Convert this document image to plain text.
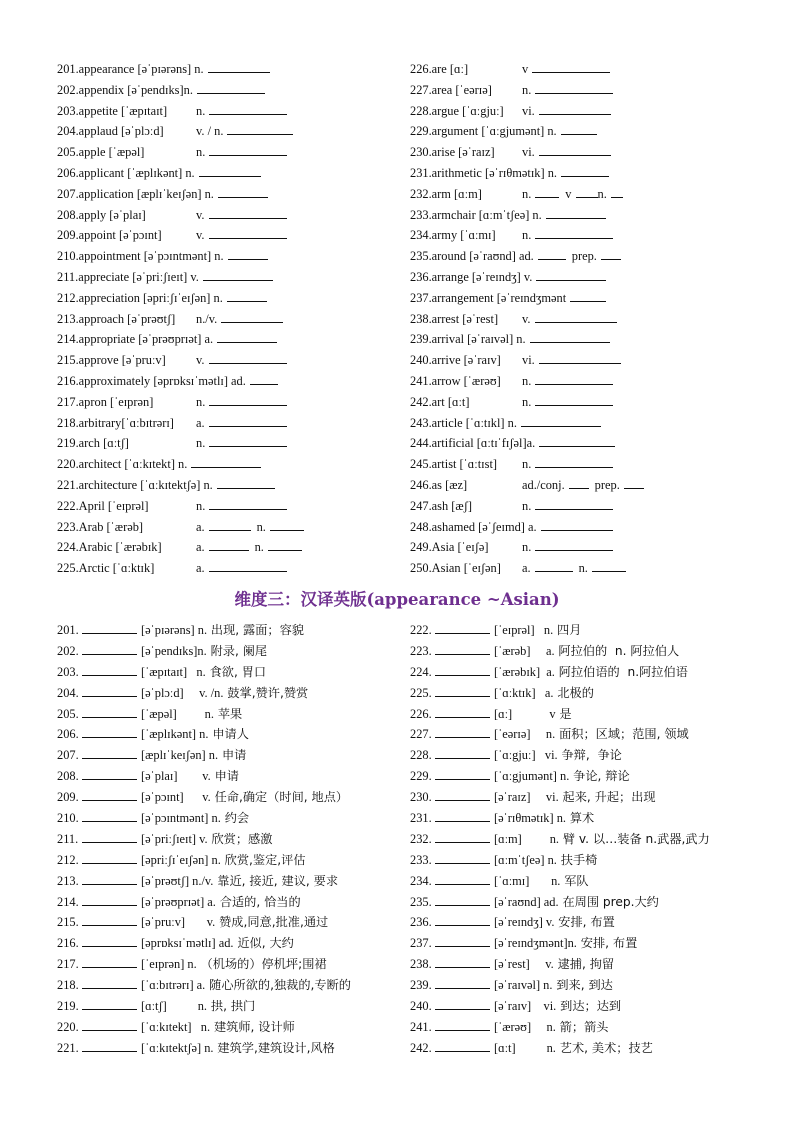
201.appearance [əˈpɪərəns] n.
202.appendix [əˈpendɪks]n.
203.appetite [ˈæpɪtaɪt] n.
204.applaud [əˈplɔːd]	v. / n.
205.apple [ˈæpəl]	n.
206.applicant [ˈæplɪkənt] n.
207.application [æplɪˈkeɪʃən] n.
208.apply [əˈplaɪ]	v.
209.appoint [əˈpɔɪnt]	v.
210.appointment [əˈpɔɪntmənt] n.
211.appreciate [əˈpriːʃɪeɪt] v.
212.appreciation [əpriːʃɪˈeɪʃən] n.
213.approach [əˈprəʊtʃ] n./v.
214.appropriate [əˈprəʊprɪət] a.
215.approve [əˈpruːv] v.
216.approximately [əprɒksɪˈmətlɪ] ad.
217.apron [ˈeɪprən]	n.
218.arbitrary[ˈɑːbɪtrərɪ] a.
219.arch [ɑːtʃ]	n.
220.architect [ˈɑːkɪtekt] n.
221.architecture [ˈɑːkɪtektʃə] n.
222.April [ˈeɪprəl]	n.
223.Arab [ˈærəb]	a.	n.
224.Arabic [ˈærəbɪk]	a.	n.
225.Arctic [ˈɑːktɪk]	a.
226.are [ɑː]	v
227.area [ˈeərɪə] n.
228.argue [ˈɑːgjuː] vi.
229.argument [ˈɑːgjumənt] n.
230.arise [əˈraɪz] vi.
231.arithmetic [əˈrɪθmətɪk] n.
232.arm [ɑːm]	n.	v n.
233.armchair [ɑːmˈtʃeə] n.
234.army [ˈɑːmɪ] n.
235.around [əˈraʊnd] ad.	prep.
236.arrange [əˈreɪndʒ] v.
237.arrangement [əˈreɪndʒmənt
238.arrest [əˈrest] v.
239.arrival [əˈraɪvəl] n.
240.arrive [əˈraɪv] vi.
241.arrow [ˈærəʊ] n.
242.art [ɑːt]	n.
243.article [ˈɑːtɪkl] n.
244.artificial [ɑːtɪˈfɪʃəl]a.
245.artist [ˈɑːtɪst] n.
246.as [æz]	ad./conj. prep.
247.ash [æʃ]	n.
248.ashamed [əˈʃeɪmd] a.
249.Asia [ˈeɪʃə]	n.
250.Asian [ˈeɪʃən] a.	n.
维度三：汉译英版(appearance ~Asian)
201.	[əˈpɪərəns] n. 出现, 露面；容貌
202.	[əˈpendɪks]n. 附录, 阑尾
203.	[ˈæpɪtaɪt]   n. 食欲, 胃口
204.	[əˈplɔːd]     v. /n. 鼓掌,赞许,赞赏
205.	[ˈæpəl]         n. 苹果
206.	[ˈæplɪkənt] n. 申请人
207.	[æplɪˈkeɪʃən] n. 申请
208.	[əˈplaɪ]        v. 申请
209.	[əˈpɔɪnt]      v. 任命,确定（时间, 地点）
210.	[əˈpɔɪntmənt] n. 约会
211.	[əˈpriːʃɪeɪt] v. 欣赏；感激
212.	[əpriːʃɪˈeɪʃən] n. 欣赏,鉴定,评估
213.	[əˈprəʊtʃ] n./v. 靠近, 接近, 建议, 要求
214.	[əˈprəʊprɪət] a. 合适的, 恰当的
215.	[əˈpruːv]       v. 赞成,同意,批准,通过
216.	[əprɒksɪˈmətlɪ] ad. 近似, 大约
217.	[ˈeɪprən] n. （机场的）停机坪;围裙
218.	[ˈɑːbɪtrərɪ] a. 随心所欲的,独裁的,专断的
219.	[ɑːtʃ]          n. 拱, 拱门
220.	[ˈɑːkɪtekt]   n. 建筑师, 设计师
221.	[ˈɑːkɪtektʃə] n. 建筑学,建筑设计,风格
222.	[ˈeɪprəl]   n. 四月
223.	[ˈærəb]     a. 阿拉伯的  n. 阿拉伯人
224.	[ˈærəbɪk]  a. 阿拉伯语的  n.阿拉伯语
225.	[ˈɑːktɪk]   a. 北极的
226.	[ɑː]            v 是
227.	[ˈeərɪə]     n. 面积；区域；范围, 领域
228.	[ˈɑːgjuː]   vi. 争辩,  争论
229.	[ˈɑːgjumənt] n. 争论, 辩论
230.	[əˈraɪz]     vi. 起来, 升起；出现
231.	[əˈrɪθmətɪk] n. 算术
232.	[ɑːm]         n. 臂 v. 以…装备 n.武器,武力
233.	[ɑːmˈtʃeə] n. 扶手椅
234.	[ˈɑːmɪ]       n. 军队
235.	[əˈraʊnd] ad. 在周围 prep.大约
236.	[əˈreɪndʒ] v. 安排, 布置
237.	[əˈreɪndʒmənt]n. 安排, 布置
238.	[əˈrest]     v. 逮捕, 拘留
239.	[əˈraɪvəl] n. 到来, 到达
240.	[əˈraɪv]    vi. 到达；达到
241.	[ˈærəʊ]     n. 箭；箭头
242.	[ɑːt]          n. 艺术, 美术；技艺
